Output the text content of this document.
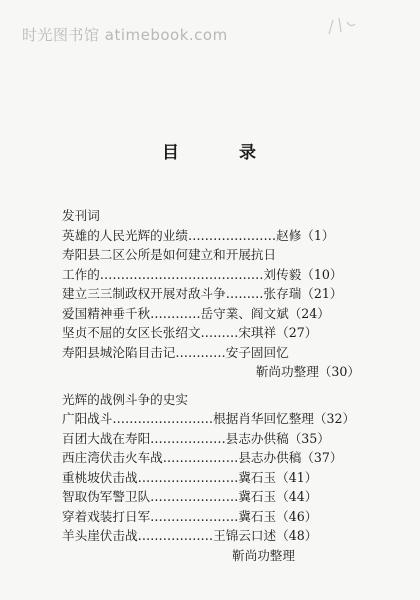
时光图书馆 atimebook.com
目	录
发刊词
英雄的人民光辉的业绩…………………赵修（1）
寿阳县二区公所是如何建立和开展抗日
工作的…………………………………刘传毅（10）
建立三三制政权开展对敌斗争………张存瑞（21）
爱国精神垂千秋…………岳守業、阎文斌（24）
坚贞不屈的女区长张绍文………宋琪祥（27）
寿阳县城沦陷目击记…………安子固回忆
靳尚功整理（30）
光辉的战例斗争的史实
广阳战斗……………………根据肖华回忆整理（32）
百团大战在寿阳………………县志办供稿（35）
西庄湾伏击火车战………………县志办供稿（37）
重桃坡伏击战……………………冀石玉（41）
智取伪军警卫队…………………冀石玉（44）
穿着戏装打日军…………………冀石玉（46）
羊头崖伏击战………………王锦云口述（48）
靳尚功整理
